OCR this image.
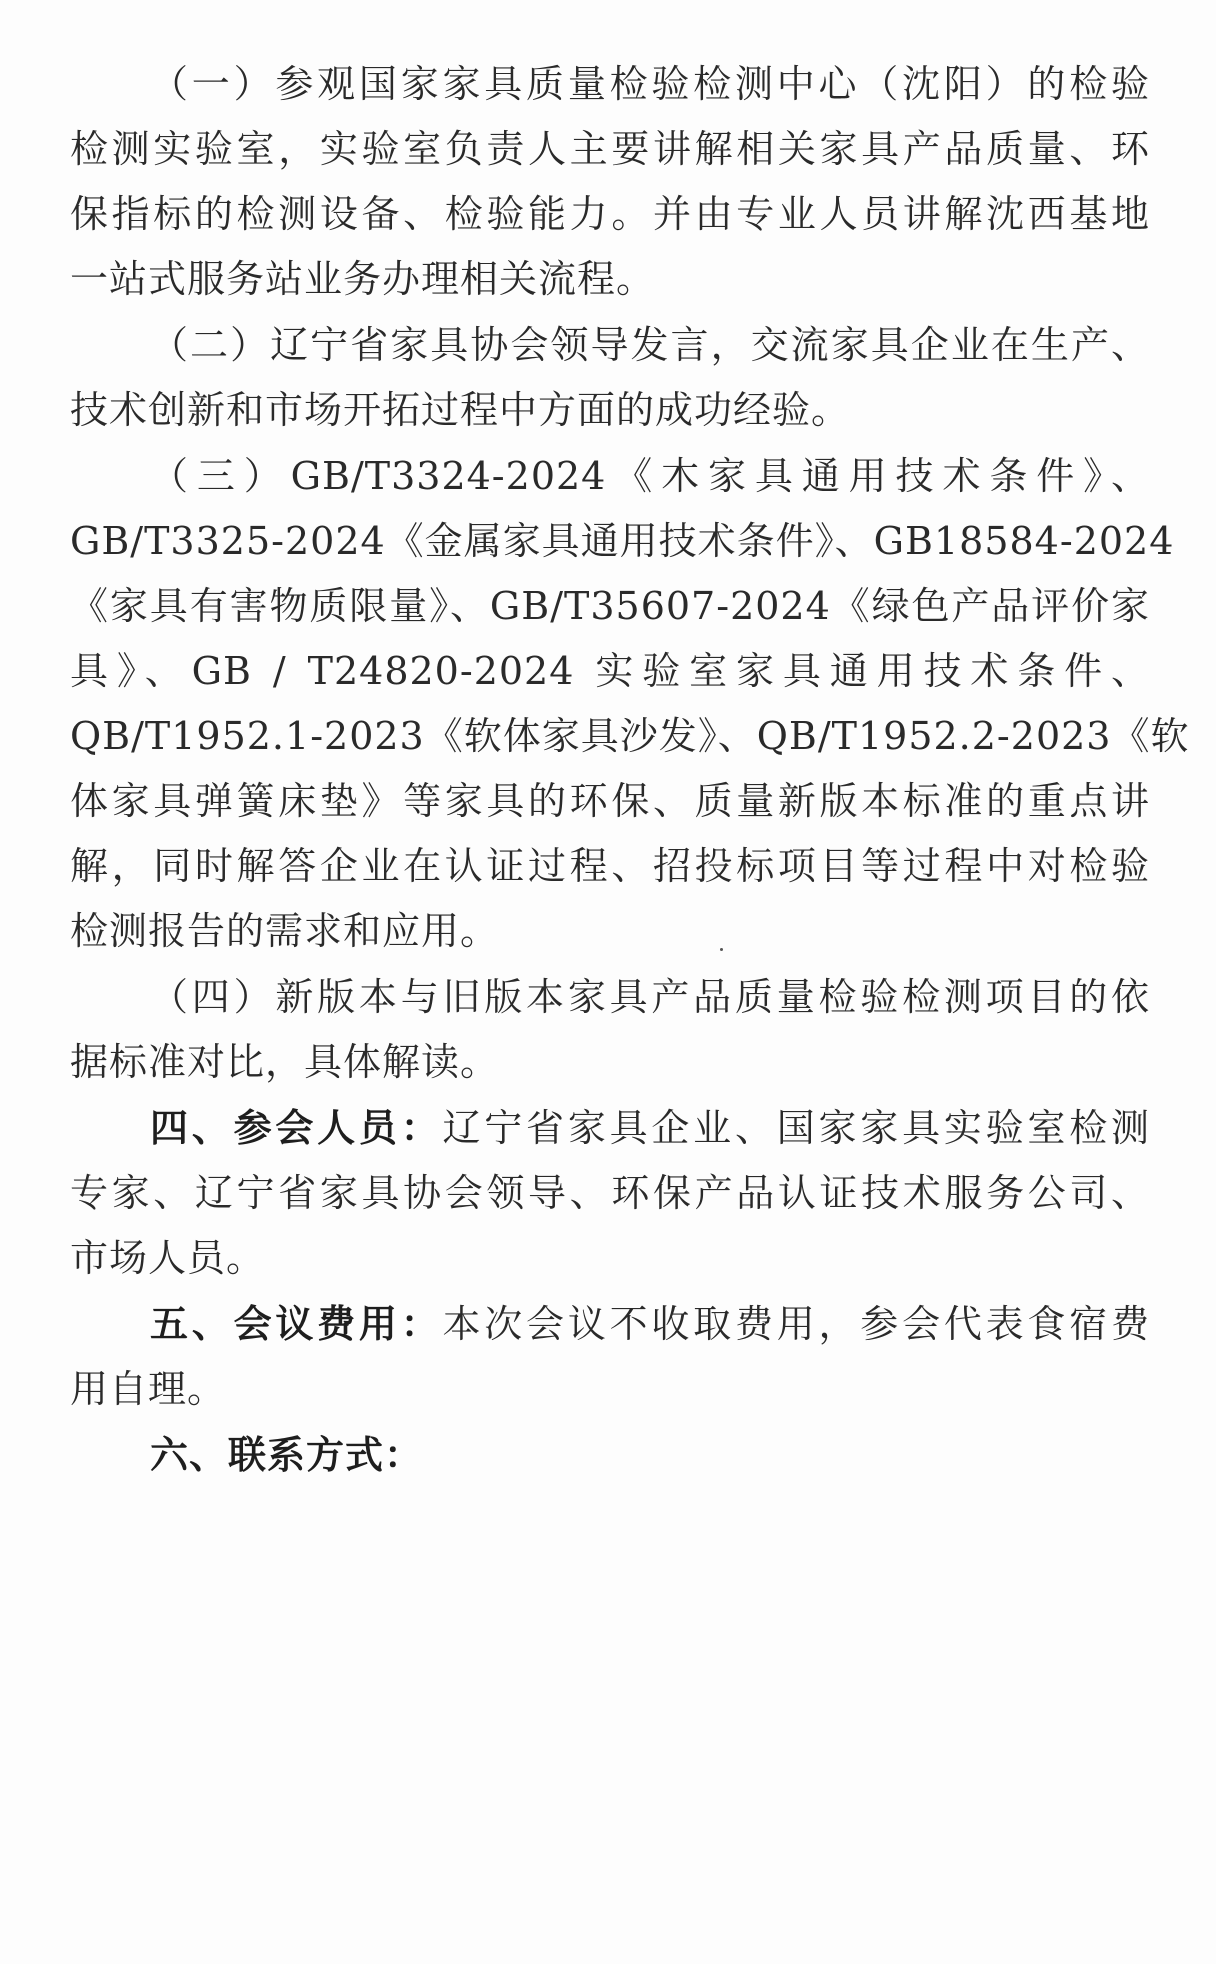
（一）参观国家家具质量检验检测中心（沈阳）的检验
检测实验室，实验室负责人主要讲解相关家具产品质量、环
保指标的检测设备、检验能力。并由专业人员讲解沈西基地
一站式服务站业务办理相关流程。
（二）辽宁省家具协会领导发言，交流家具企业在生产、
技术创新和市场开拓过程中方面的成功经验。
（三）GB/T3324-2024《木家具通用技术条件》、
GB/T3325-2024《金属家具通用技术条件》、GB18584-2024
《家具有害物质限量》、GB/T35607-2024《绿色产品评价家
具》、GB / T24820-2024 实验室家具通用技术条件、
QB/T1952.1-2023《软体家具沙发》、QB/T1952.2-2023《软
体家具弹簧床垫》等家具的环保、质量新版本标准的重点讲
解，同时解答企业在认证过程、招投标项目等过程中对检验
检测报告的需求和应用。
（四）新版本与旧版本家具产品质量检验检测项目的依
据标准对比，具体解读。
四、参会人员：辽宁省家具企业、国家家具实验室检测
专家、辽宁省家具协会领导、环保产品认证技术服务公司、
市场人员。
五、会议费用：本次会议不收取费用，参会代表食宿费
用自理。
六、联系方式：
